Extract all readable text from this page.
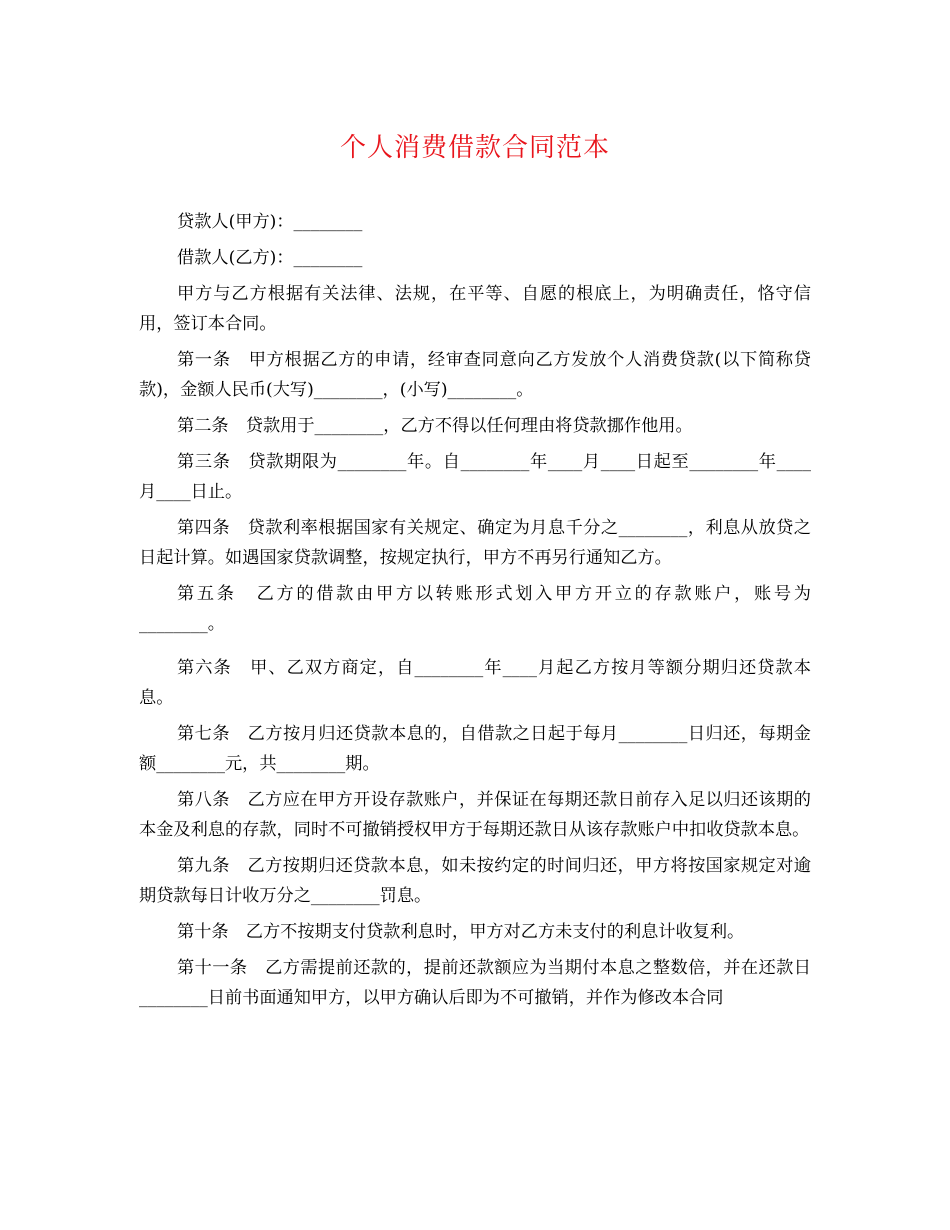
个人消费借款合同范本

贷款人(甲方)：________

借款人(乙方)：________

甲方与乙方根据有关法律、法规，在平等、自愿的根底上，为明确责任，恪守信用，签订本合同。

第一条　甲方根据乙方的申请，经审查同意向乙方发放个人消费贷款(以下简称贷款)，金额人民币(大写)________，(小写)________。

第二条　贷款用于________，乙方不得以任何理由将贷款挪作他用。

第三条　贷款期限为________年。自________年____月____日起至________年____月____日止。

第四条　贷款利率根据国家有关规定、确定为月息千分之________，利息从放贷之日起计算。如遇国家贷款调整，按规定执行，甲方不再另行通知乙方。

第五条　乙方的借款由甲方以转账形式划入甲方开立的存款账户，账号为________。

第六条　甲、乙双方商定，自________年____月起乙方按月等额分期归还贷款本息。

第七条　乙方按月归还贷款本息的，自借款之日起于每月________日归还，每期金额________元，共________期。

第八条　乙方应在甲方开设存款账户，并保证在每期还款日前存入足以归还该期的本金及利息的存款，同时不可撤销授权甲方于每期还款日从该存款账户中扣收贷款本息。

第九条　乙方按期归还贷款本息，如未按约定的时间归还，甲方将按国家规定对逾期贷款每日计收万分之________罚息。

第十条　乙方不按期支付贷款利息时，甲方对乙方未支付的利息计收复利。

第十一条　乙方需提前还款的，提前还款额应为当期付本息之整数倍，并在还款日________日前书面通知甲方，以甲方确认后即为不可撤销，并作为修改本合同
